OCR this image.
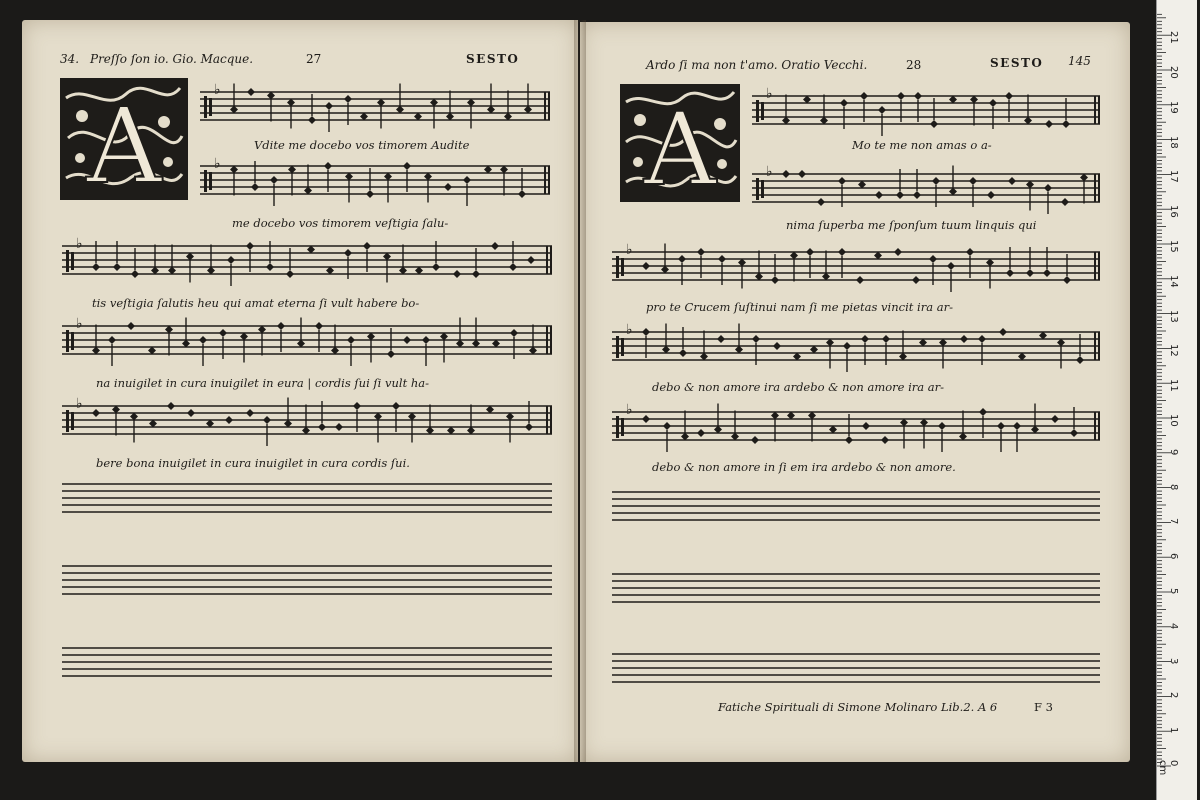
34. Preſſo ſon io. Gio. Macque.	27	SESTO
A
Ardo ſi ma non t'amo. Oratio Vecchi.	28	SESTO 145
A
♭
♭
♭
♭
♭
♭
♭
♭
♭
♭
Vdite me docebo vos timorem Audite
me docebo vos timorem veſtigia ſalu-
tis veſtigia ſalutis heu qui amat eterna ſi vult habere bo-
na inuigilet in cura inuigilet in eura | cordis ſui ſi vult ha-
bere bona inuigilet in cura inuigilet in cura cordis ſui.
Mo te me non amas o a-
nima ſuperba me ſponſum tuum linquis qui
pro te Crucem ſuſtinui nam ſi me pietas vincit ira ar-
debo & non amore ira ardebo & non amore ira ar-
debo & non amore in ſi em ira ardebo & non amore.
Fatiche Spirituali di Simone Molinaro Lib.2. A 6	F 3
0 cm
1
2
3
4
5
6
7
8
9
10
11
12
13
14
15
16
17
18
19
20
21
